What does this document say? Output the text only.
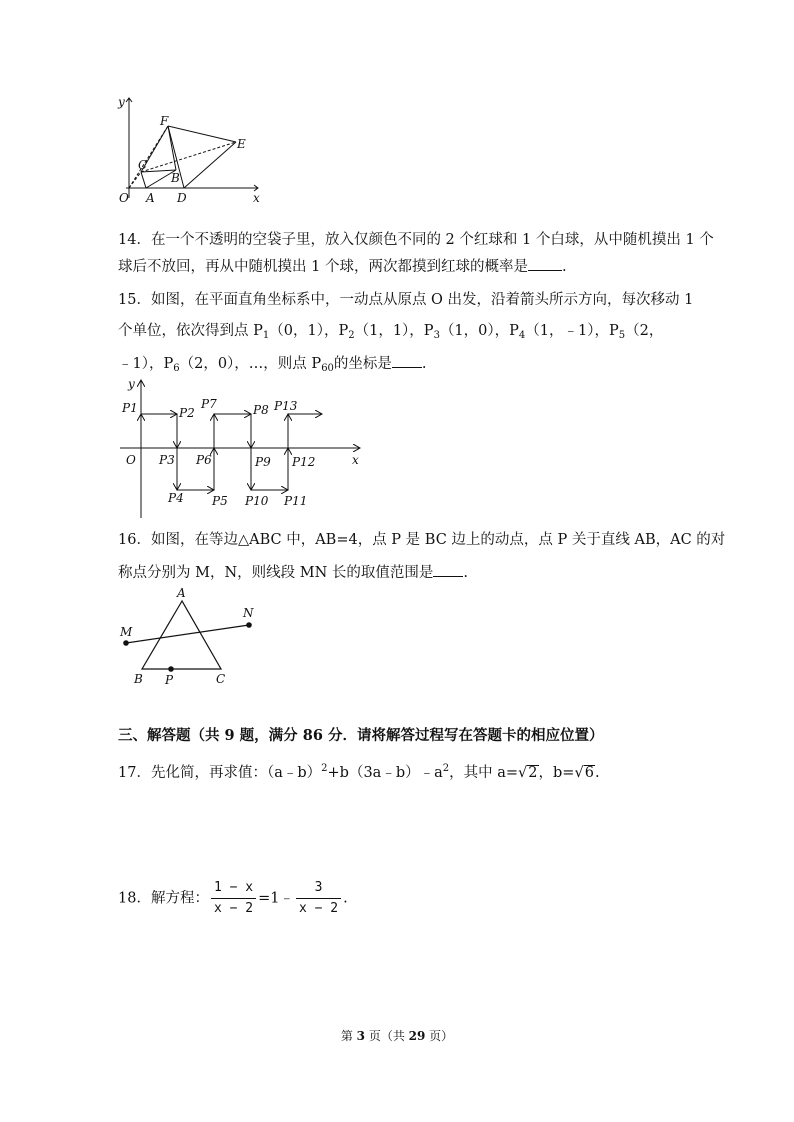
y
x
O A
B
C
D
E
F
14．在一个不透明的空袋子里，放入仅颜色不同的 2 个红球和 1 个白球，从中随机摸出 1 个
球后不放回，再从中随机摸出 1 个球，两次都摸到红球的概率是 .
15．如图，在平面直角坐标系中，一动点从原点 O 出发，沿着箭头所示方向，每次移动 1
个单位，依次得到点 $P_1(0$，1），$P_2(1$，1），$P_3(1$，0），$P_4(1$，﹣1），$P_5(2$，
﹣1），$P_6(2$，0），…，则点 $P_{60}$的坐标是 .
y
x
O
P1	P2
P3
P4 P5
P6
P7	P8
P9
P10 P11
P12
P13
16．如图，在等边△ABC 中，AB=4，点 P 是 BC 边上的动点，点 P 关于直线 AB，AC 的对
称点分别为 M，N，则线段 MN 长的取值范围是 .
A
B	C
P
M
N
三、解答题（共 9 题，满分 86 分．请将解答过程写在答题卡的相应位置）
17．先化简，再求值：$(a﹣b)^2+b(3a﹣b)﹣a^2$，其中 a=√2，b=√6.
18．解方程： $\frac{1 - x}{x - 2}$ =1﹣ $\frac{3}{x - 2}$ .
第 3 页（共 29 页）
